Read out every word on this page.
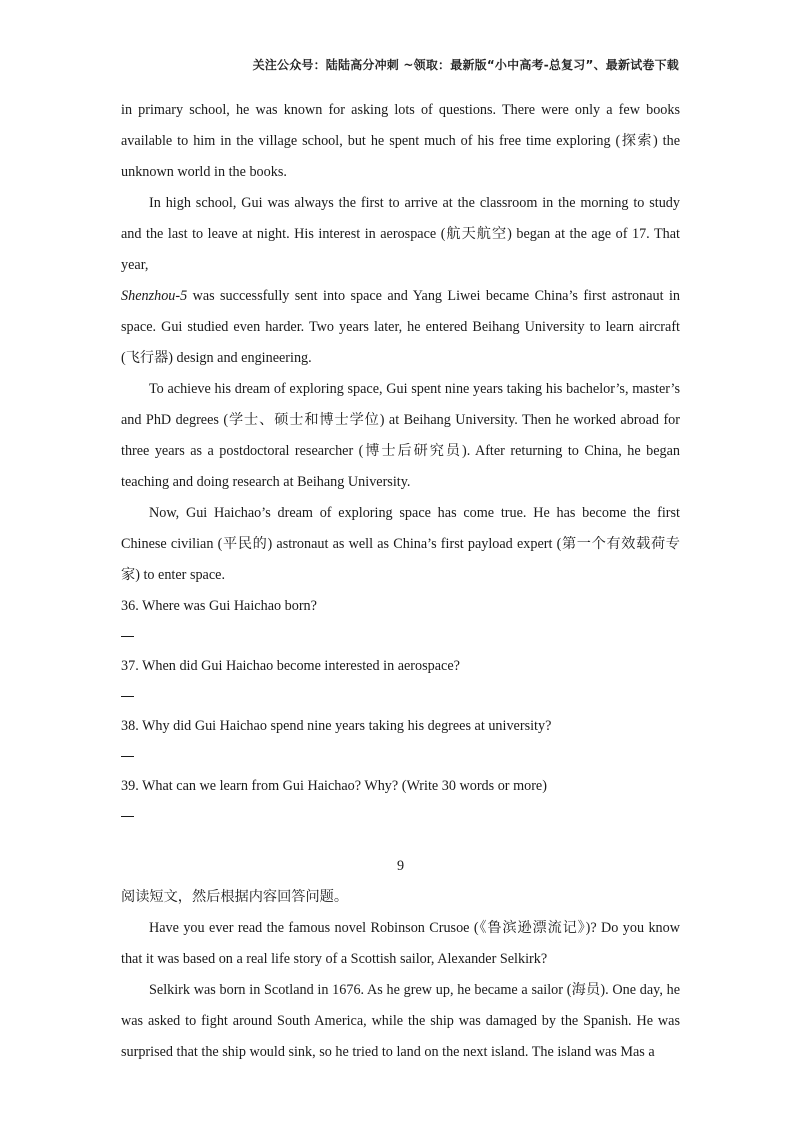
关注公众号：陆陆高分冲刺 ~领取：最新版“小中高考-总复习”、最新试卷下载

in primary school, he was known for asking lots of questions. There were only a few books available to him in the village school, but he spent much of his free time exploring (探索) the unknown world in the books.

In high school, Gui was always the first to arrive at the classroom in the morning to study and the last to leave at night. His interest in aerospace (航天航空) began at the age of 17. That year,
Shenzhou-5 was successfully sent into space and Yang Liwei became China’s first astronaut in space. Gui studied even harder. Two years later, he entered Beihang University to learn aircraft (飞行器) design and engineering.

To achieve his dream of exploring space, Gui spent nine years taking his bachelor’s, master’s and PhD degrees (学士、硕士和博士学位) at Beihang University. Then he worked abroad for three years as a postdoctoral researcher (博士后研究员). After returning to China, he began teaching and doing research at Beihang University.

Now, Gui Haichao’s dream of exploring space has come true. He has become the first Chinese civilian (平民的) astronaut as well as China’s first payload expert (第一个有效载荷专家) to enter space.

36. Where was Gui Haichao born?

37. When did Gui Haichao become interested in aerospace?

38. Why did Gui Haichao spend nine years taking his degrees at university?

39. What can we learn from Gui Haichao? Why? (Write 30 words or more)

9

阅读短文，然后根据内容回答问题。

Have you ever read the famous novel Robinson Crusoe (《鲁滨逊漂流记》)? Do you know that it was based on a real life story of a Scottish sailor, Alexander Selkirk?

Selkirk was born in Scotland in 1676. As he grew up, he became a sailor (海员). One day, he was asked to fight around South America, while the ship was damaged by the Spanish. He was surprised that the ship would sink, so he tried to land on the next island. The island was Mas a
